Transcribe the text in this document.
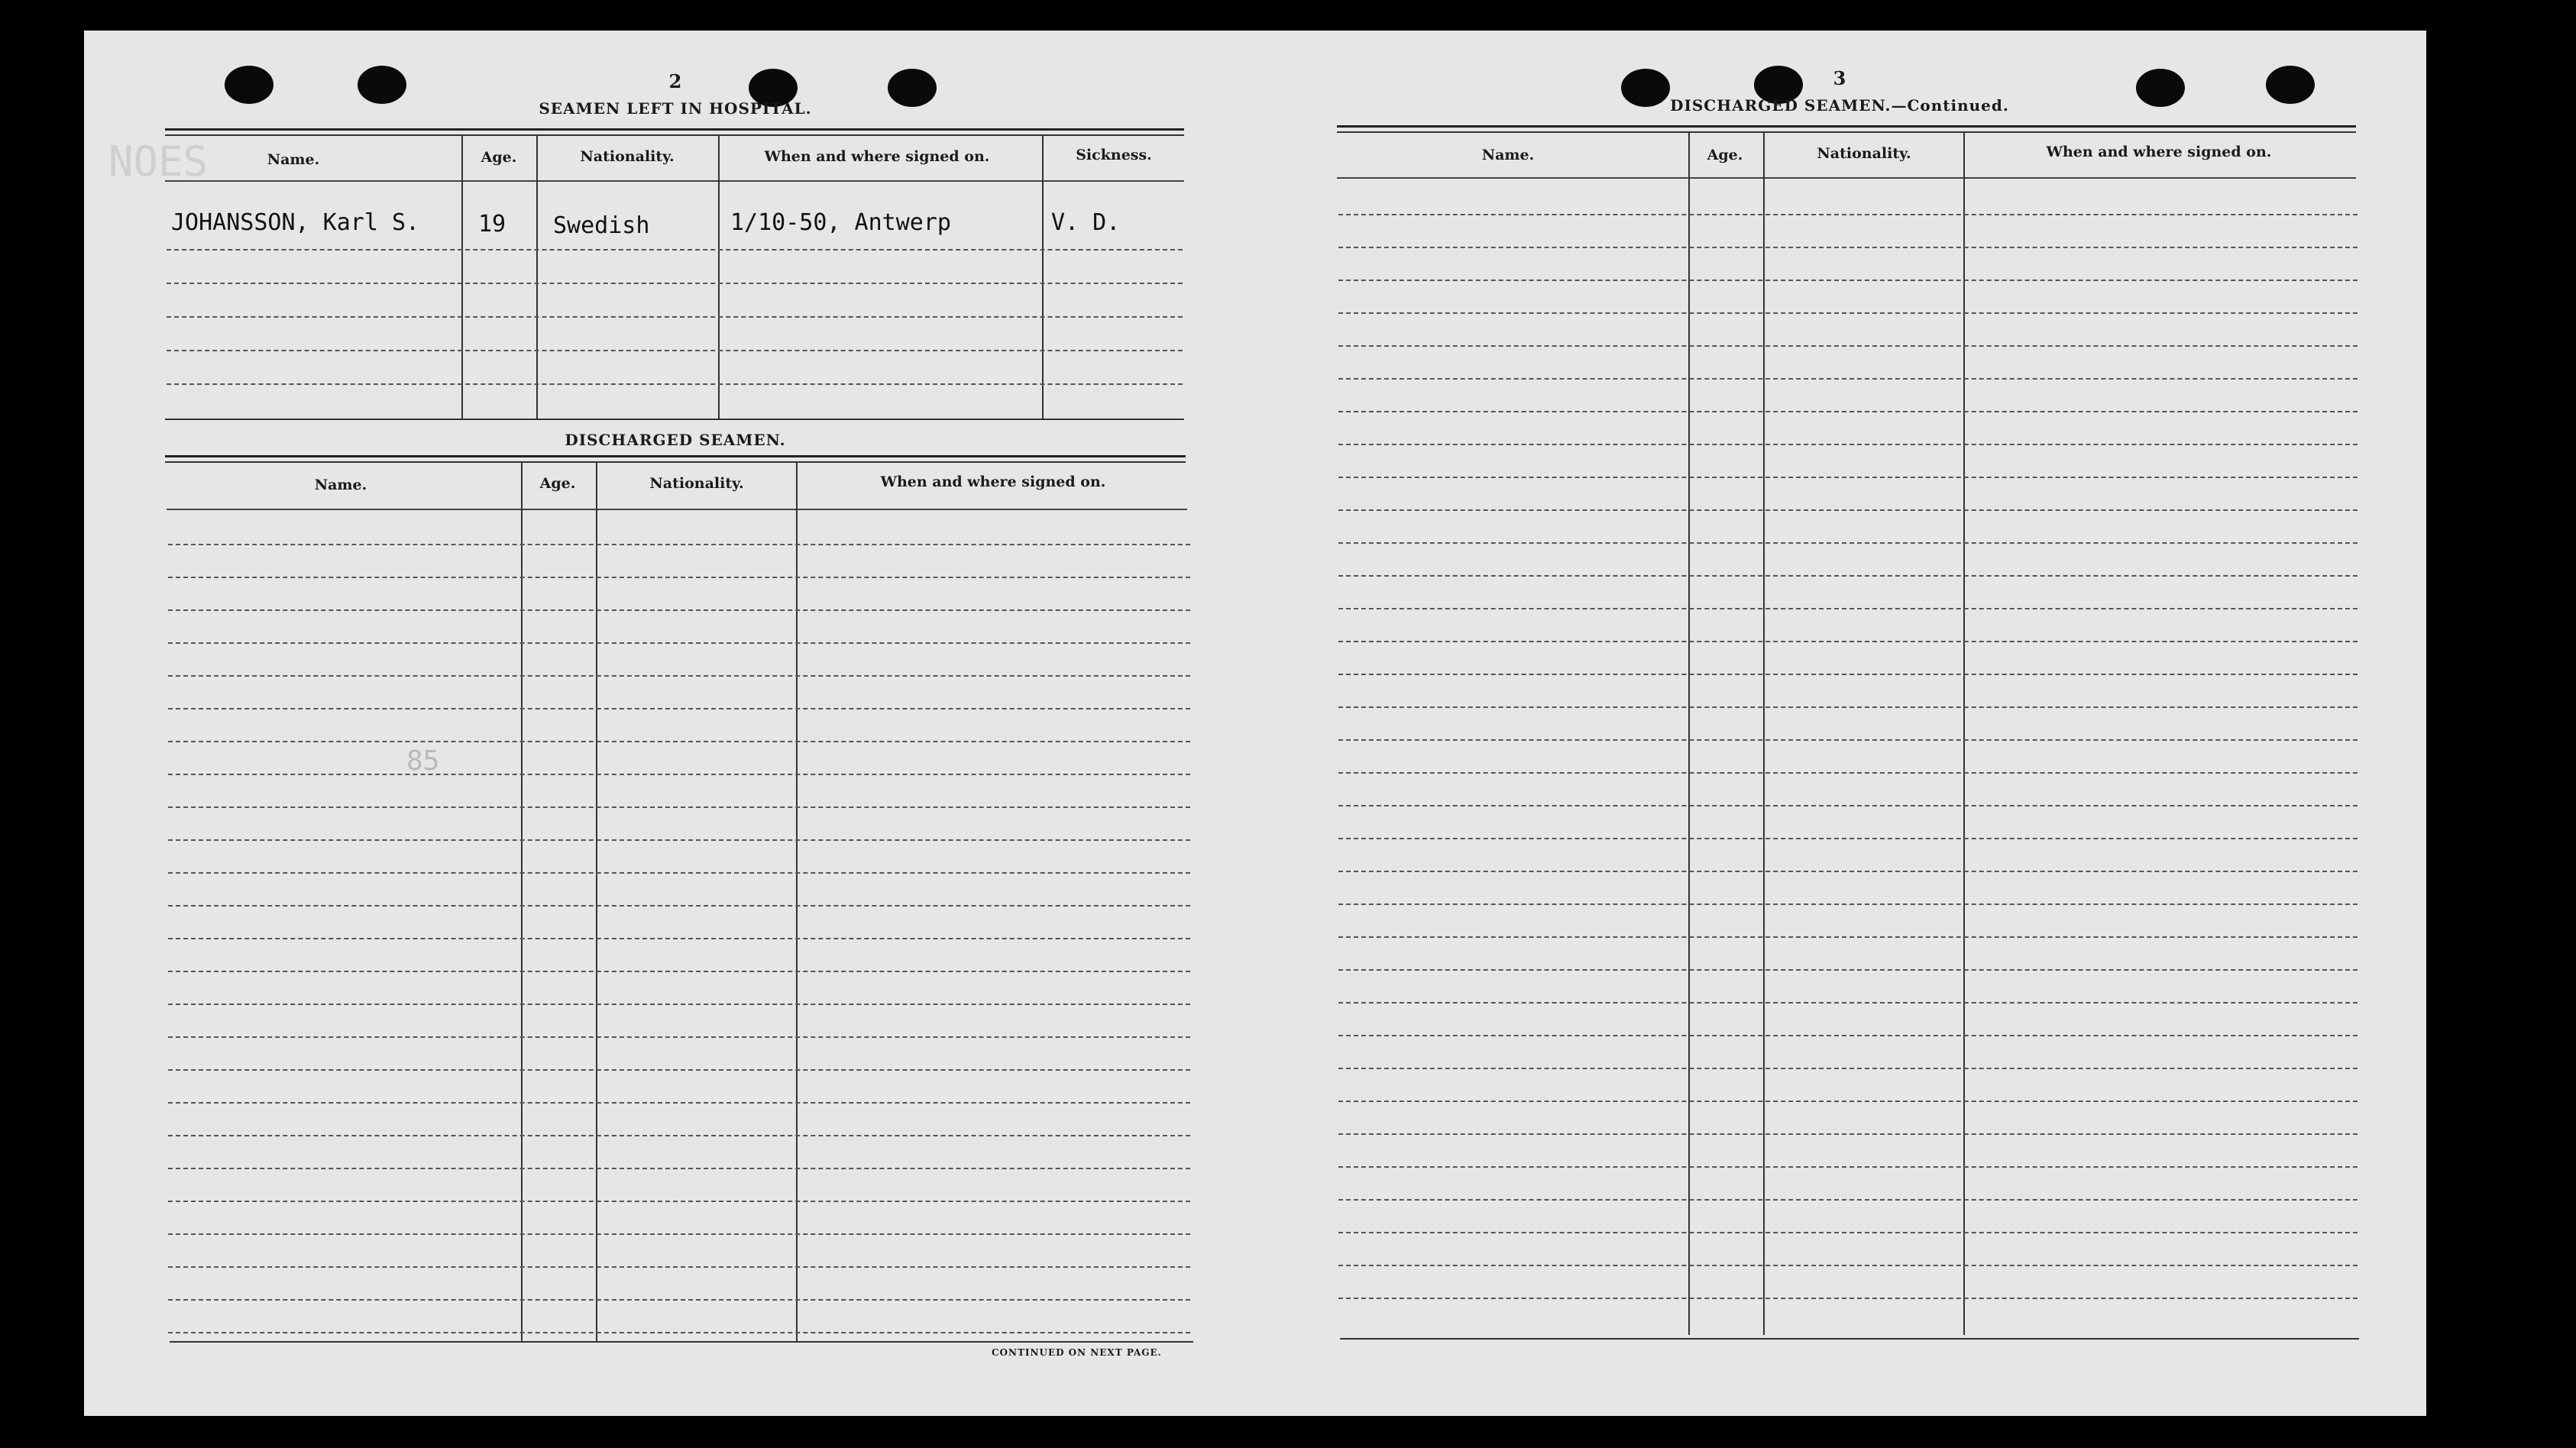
2
SEAMEN LEFT IN HOSPITAL.
Name.	Age.	Nationality.	When and where signed on.	Sickness.
JOHANSSON, Karl S.	19 Swedish	1/10-50, Antwerp	V. D.
DISCHARGED SEAMEN.
Name.	Age.	Nationality.	When and where signed on.
CONTINUED ON NEXT PAGE.
NOES
85
3
DISCHARGED SEAMEN.—Continued.
Name.	Age.	Nationality.	When and where signed on.
